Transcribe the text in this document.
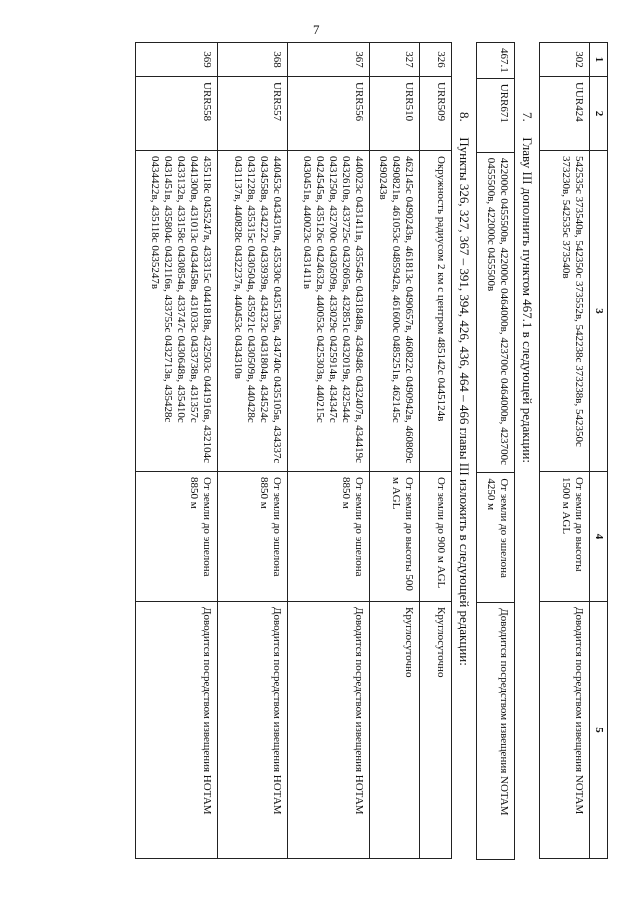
7
1	2	3	4	5
302	UUR424	542535с 373540в, 542350с 373552в, 542238с 373238в, 542350с 373230в, 542535с 373540в	От земли до высоты 1500 м AGL	Доводится посредством извещения NOTAM
7. Главу III дополнить пунктом 467.1 в следующей редакции:
467.1	URR671	422000с 0455500в, 422000с 0464000в, 423700с 0464000в, 423700с 0455500в, 422000с 0455500в	От земли до эшелона 4250 м	Доводится посредством извещения NOTAM
8. Пункты 326, 327, 367 – 391, 394, 426, 436, 464 – 466 главы III изложить в следующей редакции:
326	URR509	Окружность радиусом 2 км с центром 485142с 0445124в	От земли до 900 м AGL	Круглосуточно
327	URR510	462145с 0490243в, 461813с 0490657в, 460822с 0490942в, 460809с 0490821в, 461053с 0485942в, 461600с 0485251в, 462145с 0490243в	От земли до высоты 500 м AGL	Круглосуточно
367	URR556	440023с 0431411в, 435549с 0431848в, 434948с 0432407в, 434419с 0432610в, 433725с 0432605в, 432851с 0432019в, 432544с 0431250в, 432700с 0430509в, 433029с 0425914в, 434347с 0424545в, 435126с 0424632в, 440053с 0425303в, 440215с 0430451в, 440023с 0431411в	От земли до эшелона 8850 м	Доводится посредством извещения НОТАМ
368	URR557	440453с 0434310в, 435330с 0435136в, 434740с 0435105в, 434337с 0434558в, 434222с 0433939в, 434323с 0431804в, 434524с 0431228в, 435315с 0430504в, 435921с 0430509в, 440428с 0431137в, 440828с 0432237в, 440453с 0434310в	От земли до эшелона 8850 м	Доводится посредством извещения НОТАМ
369	URR558	435118с 0435247в, 433315с 0441818в, 432503с 0441916в, 432104с 0441300в, 431013с 0434458в, 431033с 0433738в, 431357с 0433132в, 433158с 0430854в, 433747с 0430648в, 435410с 0431451в, 435804с 0432116в, 433755с 0432713в, 435428с 0434422в, 435118с 0435247в	От земли до эшелона 8850 м	Доводится посредством извещения НОТАМ
